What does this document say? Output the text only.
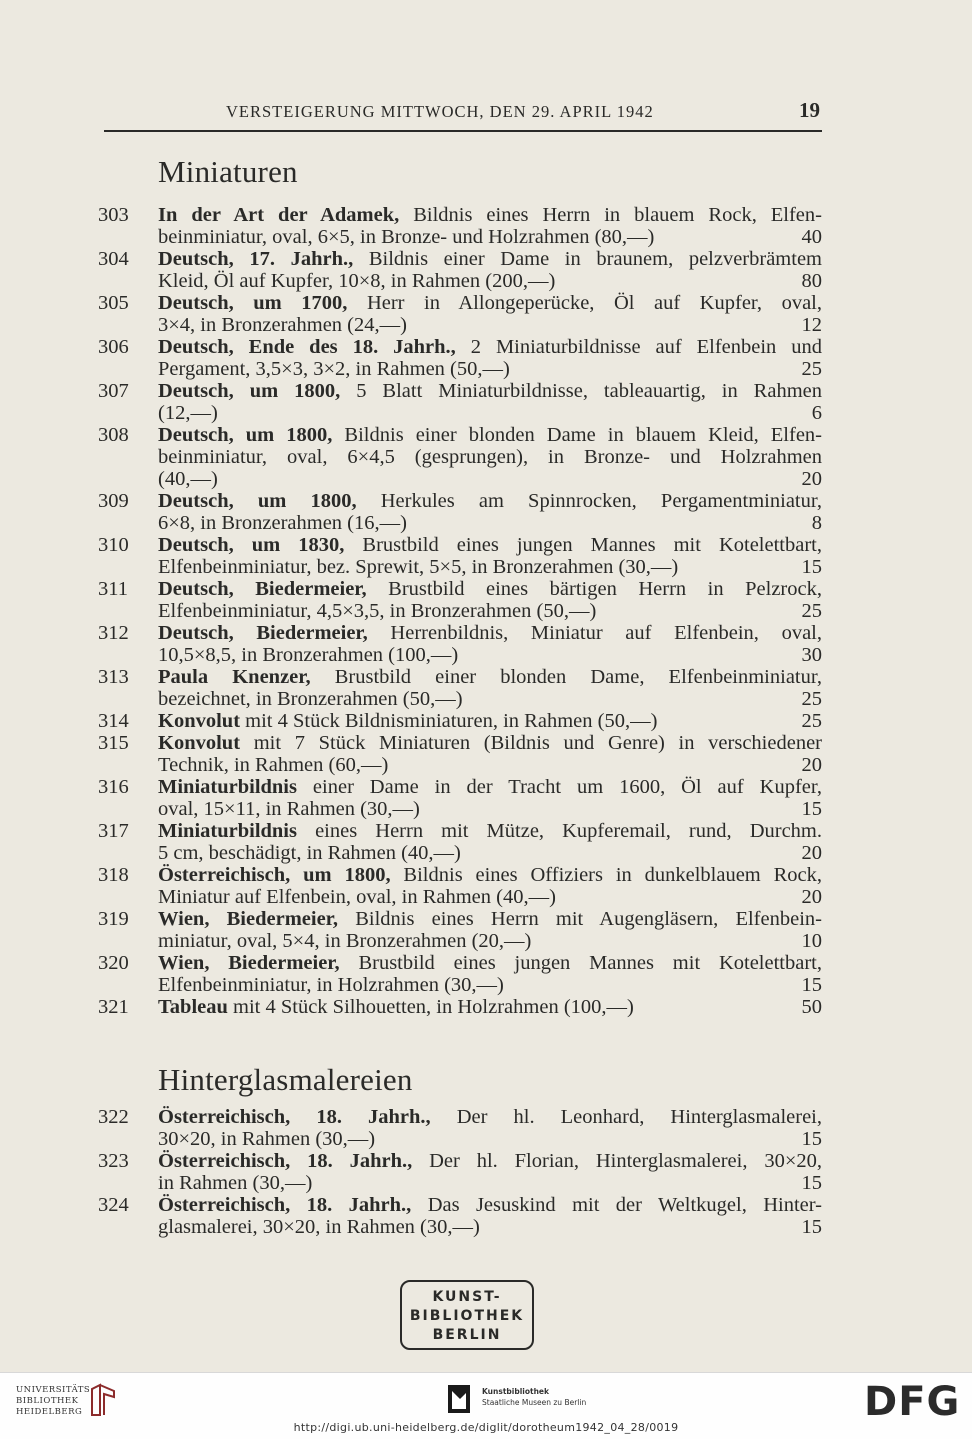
VERSTEIGERUNG MITTWOCH, DEN 29. APRIL 1942	19
Miniaturen
303	In der Art der Adamek, Bildnis eines Herrn in blauem Rock, Elfen-
beinminiatur, oval, 6×5, in Bronze- und Holzrahmen (80,—)	40
304	Deutsch, 17. Jahrh., Bildnis einer Dame in braunem, pelzverbrämtem
Kleid, Öl auf Kupfer, 10×8, in Rahmen (200,—)	80
305	Deutsch, um 1700, Herr in Allongeperücke, Öl auf Kupfer, oval,
3×4, in Bronzerahmen (24,—)	12
306	Deutsch, Ende des 18. Jahrh., 2 Miniaturbildnisse auf Elfenbein und
Pergament, 3,5×3, 3×2, in Rahmen (50,—)	25
307	Deutsch, um 1800, 5 Blatt Miniaturbildnisse, tableauartig, in Rahmen
(12,—)	6
308	Deutsch, um 1800, Bildnis einer blonden Dame in blauem Kleid, Elfen-
beinminiatur, oval, 6×4,5 (gesprungen), in Bronze- und Holzrahmen
(40,—)	20
309	Deutsch, um 1800, Herkules am Spinnrocken, Pergamentminiatur,
6×8, in Bronzerahmen (16,—)	8
310	Deutsch, um 1830, Brustbild eines jungen Mannes mit Kotelettbart,
Elfenbeinminiatur, bez. Sprewit, 5×5, in Bronzerahmen (30,—)	15
311	Deutsch, Biedermeier, Brustbild eines bärtigen Herrn in Pelzrock,
Elfenbeinminiatur, 4,5×3,5, in Bronzerahmen (50,—)	25
312	Deutsch, Biedermeier, Herrenbildnis, Miniatur auf Elfenbein, oval,
10,5×8,5, in Bronzerahmen (100,—)	30
313	Paula Knenzer, Brustbild einer blonden Dame, Elfenbeinminiatur,
bezeichnet, in Bronzerahmen (50,—)	25
314	Konvolut mit 4 Stück Bildnisminiaturen, in Rahmen (50,—)	25
315	Konvolut mit 7 Stück Miniaturen (Bildnis und Genre) in verschiedener
Technik, in Rahmen (60,—)	20
316	Miniaturbildnis einer Dame in der Tracht um 1600, Öl auf Kupfer,
oval, 15×11, in Rahmen (30,—)	15
317	Miniaturbildnis eines Herrn mit Mütze, Kupferemail, rund, Durchm.
5 cm, beschädigt, in Rahmen (40,—)	20
318	Österreichisch, um 1800, Bildnis eines Offiziers in dunkelblauem Rock,
Miniatur auf Elfenbein, oval, in Rahmen (40,—)	20
319	Wien, Biedermeier, Bildnis eines Herrn mit Augengläsern, Elfenbein-
miniatur, oval, 5×4, in Bronzerahmen (20,—)	10
320	Wien, Biedermeier, Brustbild eines jungen Mannes mit Kotelettbart,
Elfenbeinminiatur, in Holzrahmen (30,—)	15
321	Tableau mit 4 Stück Silhouetten, in Holzrahmen (100,—)	50
Hinterglasmalereien
322	Österreichisch, 18. Jahrh., Der hl. Leonhard, Hinterglasmalerei,
30×20, in Rahmen (30,—)	15
323	Österreichisch, 18. Jahrh., Der hl. Florian, Hinterglasmalerei, 30×20,
in Rahmen (30,—)	15
324	Österreichisch, 18. Jahrh., Das Jesuskind mit der Weltkugel, Hinter-
glasmalerei, 30×20, in Rahmen (30,—)	15
KUNST-
BIBLIOTHEK
BERLIN
UNIVERSITÄTS-
BIBLIOTHEK
HEIDELBERG
Kunstbibliothek
Staatliche Museen zu Berlin	DFG
http://digi.ub.uni-heidelberg.de/diglit/dorotheum1942_04_28/0019
